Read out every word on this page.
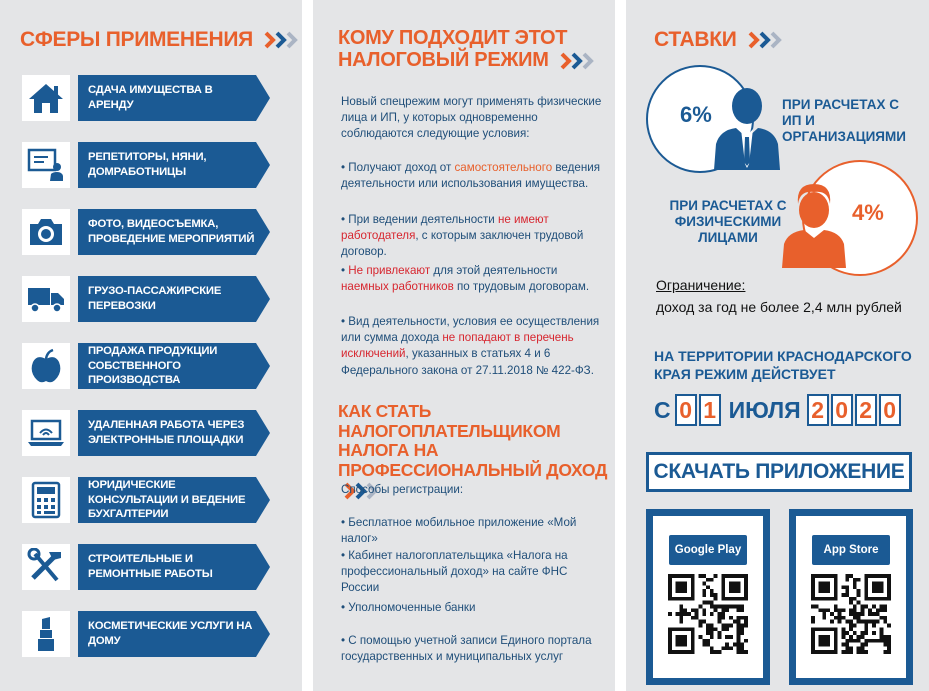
СФЕРЫ ПРИМЕНЕНИЯ
СДАЧА ИМУЩЕСТВА В АРЕНДУ
РЕПЕТИТОРЫ, НЯНИ, ДОМРАБОТНИЦЫ
ФОТО, ВИДЕОСЪЕМКА, ПРОВЕДЕНИЕ МЕРОПРИЯТИЙ
ГРУЗО-ПАССАЖИРСКИЕ ПЕРЕВОЗКИ
ПРОДАЖА ПРОДУКЦИИ СОБСТВЕННОГО ПРОИЗВОДСТВА
УДАЛЕННАЯ РАБОТА ЧЕРЕЗ ЭЛЕКТРОННЫЕ ПЛОЩАДКИ
ЮРИДИЧЕСКИЕ КОНСУЛЬТАЦИИ И ВЕДЕНИЕ БУХГАЛТЕРИИ
СТРОИТЕЛЬНЫЕ И РЕМОНТНЫЕ РАБОТЫ
КОСМЕТИЧЕСКИЕ УСЛУГИ НА ДОМУ
КОМУ ПОДХОДИТ ЭТОТ НАЛОГОВЫЙ РЕЖИМ

Новый спецрежим могут применять физические лица и ИП, у которых одновременно соблюдаются следующие условия:

• Получают доход от самостоятельного ведения деятельности или использования имущества.

• При ведении деятельности не имеют работодателя, с которым заключен трудовой договор.

• Не привлекают для этой деятельности наемных работников по трудовым договорам.

• Вид деятельности, условия ее осуществления или сумма дохода не попадают в перечень исключений, указанных в статьях 4 и 6 Федерального закона от 27.11.2018 № 422-ФЗ.

КАК СТАТЬ НАЛОГОПЛАТЕЛЬЩИКОМ НАЛОГА НА ПРОФЕССИОНАЛЬНЫЙ ДОХОД

Способы регистрации:

• Бесплатное мобильное приложение «Мой налог»

• Кабинет налогоплательщика «Налога на профессиональный доход» на сайте ФНС России

• Уполномоченные банки

• С помощью учетной записи Единого портала государственных и муниципальных услуг

СТАВКИ
6%	ПРИ РАСЧЕТАХ С ИП И ОРГАНИЗАЦИЯМИ
4%
ПРИ РАСЧЕТАХ С ФИЗИЧЕСКИМИ ЛИЦАМИ
Ограничение:
доход за год не более 2,4 млн рублей
НА ТЕРРИТОРИИ КРАСНОДАРСКОГО КРАЯ РЕЖИМ ДЕЙСТВУЕТ
С 0 1 ИЮЛЯ 2 0 2 0
СКАЧАТЬ ПРИЛОЖЕНИЕ
Google Play	App Store
